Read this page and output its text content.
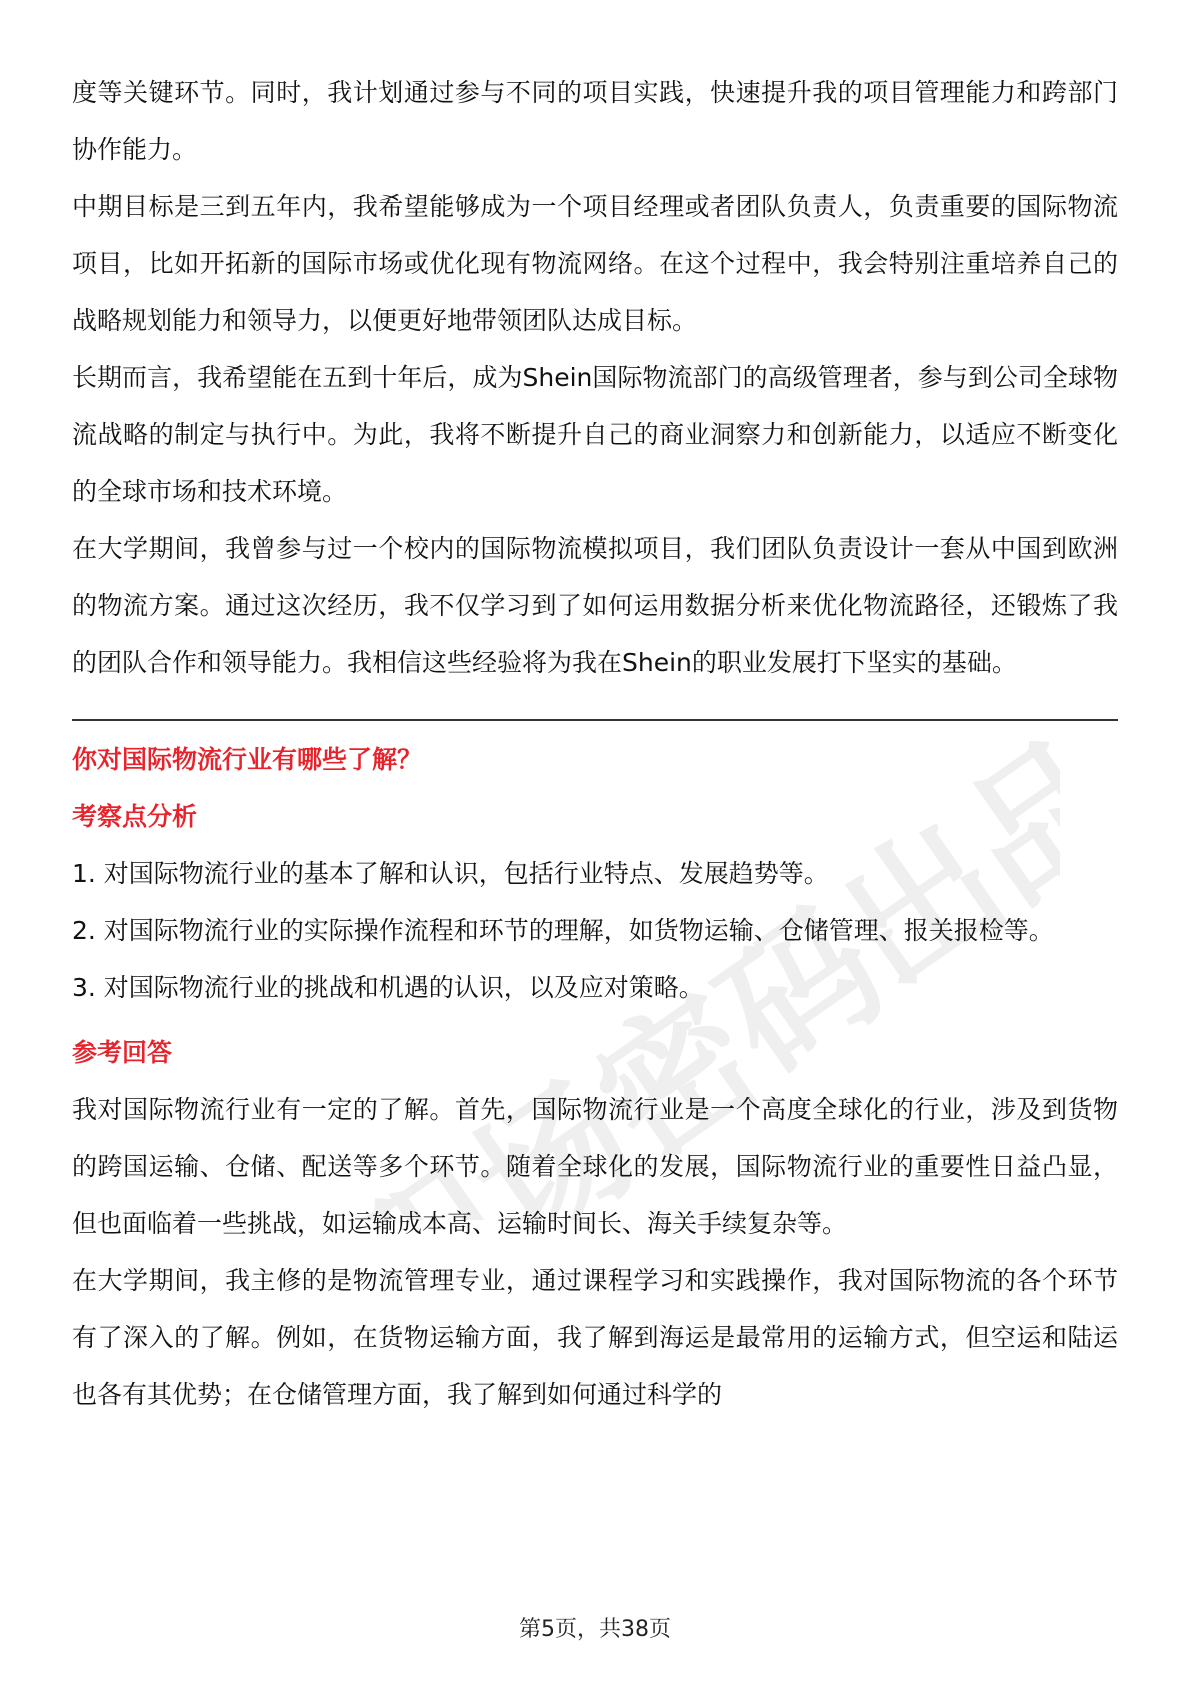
职场密码出品

度等关键环节。同时，我计划通过参与不同的项目实践，快速提升我的项目管理能力和跨部门协作能力。

中期目标是三到五年内，我希望能够成为一个项目经理或者团队负责人，负责重要的国际物流项目，比如开拓新的国际市场或优化现有物流网络。在这个过程中，我会特别注重培养自己的战略规划能力和领导力，以便更好地带领团队达成目标。

长期而言，我希望能在五到十年后，成为Shein国际物流部门的高级管理者，参与到公司全球物流战略的制定与执行中。为此，我将不断提升自己的商业洞察力和创新能力，以适应不断变化的全球市场和技术环境。

在大学期间，我曾参与过一个校内的国际物流模拟项目，我们团队负责设计一套从中国到欧洲的物流方案。通过这次经历，我不仅学习到了如何运用数据分析来优化物流路径，还锻炼了我的团队合作和领导能力。我相信这些经验将为我在Shein的职业发展打下坚实的基础。

你对国际物流行业有哪些了解？

考察点分析

1. 对国际物流行业的基本了解和认识，包括行业特点、发展趋势等。

2. 对国际物流行业的实际操作流程和环节的理解，如货物运输、仓储管理、报关报检等。

3. 对国际物流行业的挑战和机遇的认识，以及应对策略。

参考回答

我对国际物流行业有一定的了解。首先，国际物流行业是一个高度全球化的行业，涉及到货物的跨国运输、仓储、配送等多个环节。随着全球化的发展，国际物流行业的重要性日益凸显，但也面临着一些挑战，如运输成本高、运输时间长、海关手续复杂等。

在大学期间，我主修的是物流管理专业，通过课程学习和实践操作，我对国际物流的各个环节有了深入的了解。例如，在货物运输方面，我了解到海运是最常用的运输方式，但空运和陆运也各有其优势；在仓储管理方面，我了解到如何通过科学的

第5页，共38页
